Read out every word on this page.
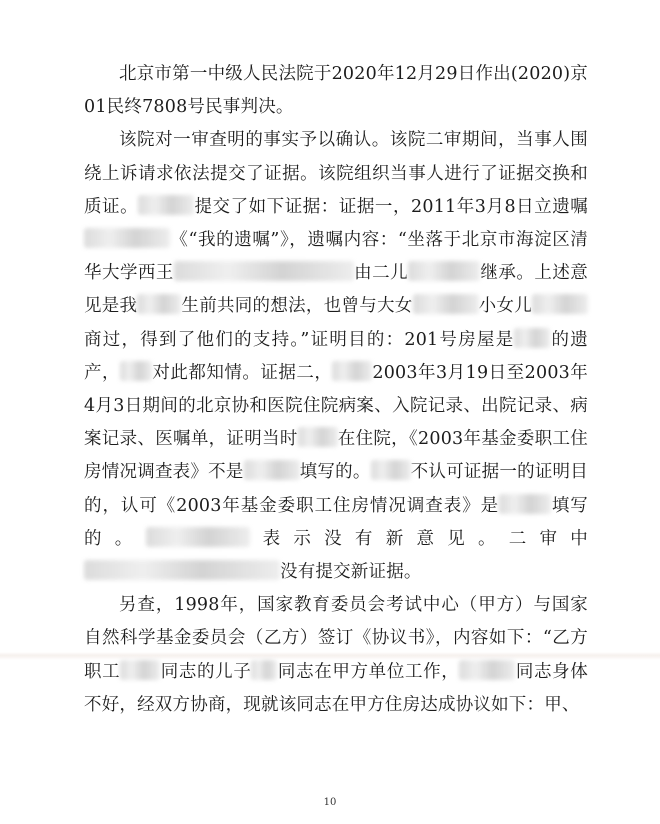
北京市第一中级人民法院于2020年12月29日作出(2020)京01民终7808号民事判决。

该院对一审查明的事实予以确认。该院二审期间，当事人围绕上诉请求依法提交了证据。该院组织当事人进行了证据交换和质证。	提交了如下证据：证据一，2011年3月8日立遗嘱《“我的遗嘱”》，遗嘱内容：“坐落于北京市海淀区清华大学西王	由二儿	继承。上述意见是我	生前共同的想法，也曾与大女	小女儿商过，得到了他们的支持。”证明目的：201号房屋是 的遗产， 对此都知情。证据二， 2003年3月19日至2003年4月3日期间的北京协和医院住院病案、入院记录、出院记录、病案记录、医嘱单，证明当时 在住院，《2003年基金委职工住房情况调查表》不是	填写的。 不认可证据一的证明目的，认可《2003年基金委职工住房情况调查表》是	填写的。	表示没有新意见。二审中没有提交新证据。

另查，1998年，国家教育委员会考试中心（甲方）与国家自然科学基金委员会（乙方）签订《协议书》，内容如下：“乙方职工 同志的儿子 同志在甲方单位工作，	同志身体不好，经双方协商，现就该同志在甲方住房达成协议如下：甲、

10
